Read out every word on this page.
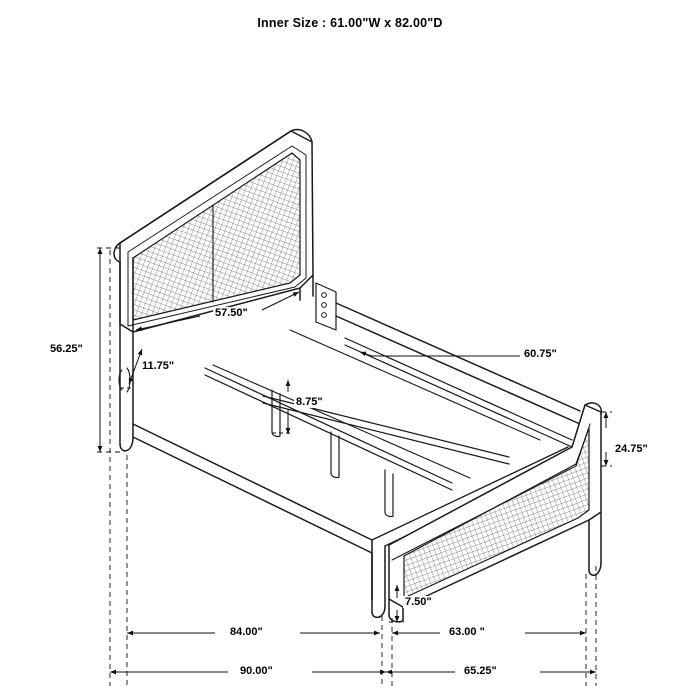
Inner Size : 61.00"W x 82.00"D
56.25"
57.50"
11.75"
8.75"
60.75"
24.75"
7.50"
84.00"	63.00 "
90.00"	65.25"
